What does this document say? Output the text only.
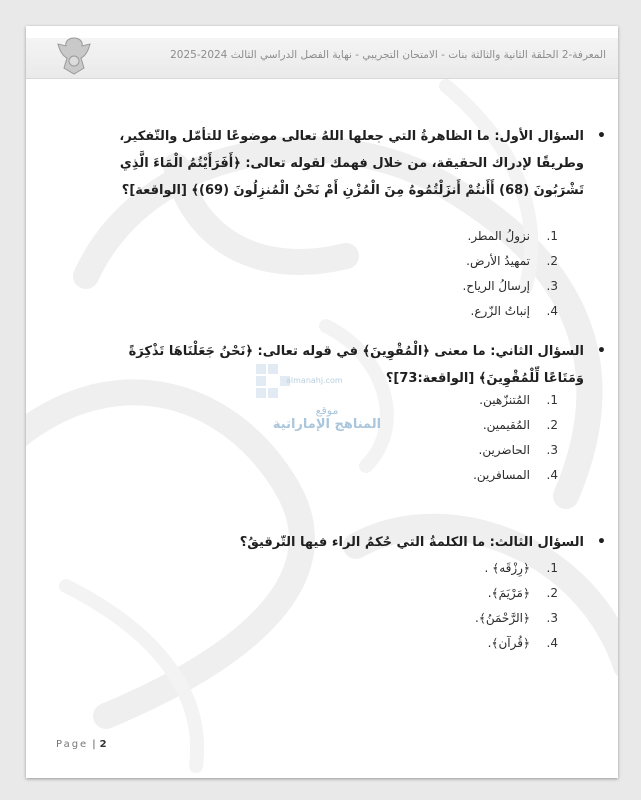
المعرفة-2 الحلقة الثانية والثالثة بنات - الامتحان التجريبي - نهاية الفصل الدراسي الثالث 2024-2025
•
السؤال الأول: ما الظاهرةُ التي جعلها اللهُ تعالى موضوعًا للتأمّل والتّفكير،
وطريقًا لإدراك الحقيقة، من خلال فهمك لقوله تعالى: ﴿أَفَرَأَيْتُمُ الْمَاءَ الَّذِي
تَشْرَبُونَ (68) أَأَنتُمْ أَنزَلْتُمُوهُ مِنَ الْمُزْنِ أَمْ نَحْنُ الْمُنزِلُونَ (69)﴾ [الواقعة]؟
1.نزولُ المطر.
2.تمهيدُ الأرض.
3.إرسالُ الرياح.
4.إنباتُ الزّرع.
•
السؤال الثاني: ما معنى ﴿الْمُقْوِينَ﴾ في قوله تعالى: ﴿نَحْنُ جَعَلْنَاهَا تَذْكِرَةً
وَمَتَاعًا لِّلْمُقْوِينَ﴾ [الواقعة:73]؟
1.المُتنزّهين.
2.المُقيمين.
3.الحاضرين.
4.المسافرين.
•
السؤال الثالث: ما الكلمةُ التي حُكمُ الراء فيها التّرقيقُ؟
1.﴿رِزْقَه﴾ .
2.﴿مَرْيَمَ﴾.
3.﴿الرَّحْمَنُ﴾.
4.﴿قُرآن﴾.
almanahj.com
موقع
المناهج الإماراتية
Page | 2
